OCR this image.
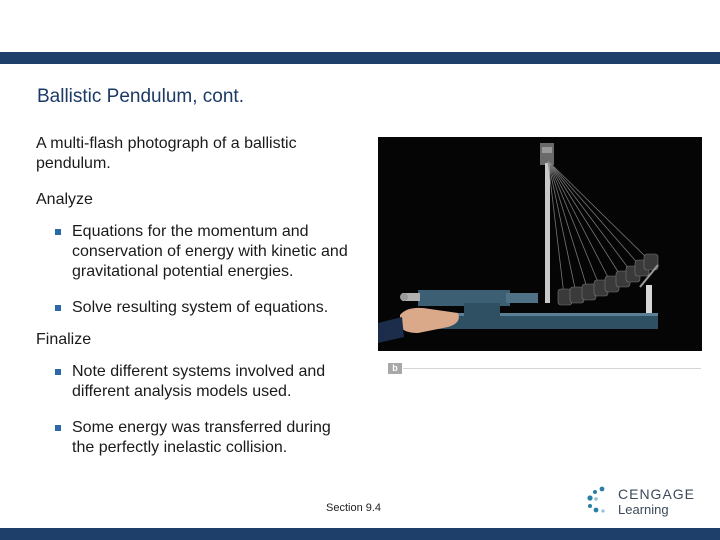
Ballistic Pendulum, cont.
A multi-flash photograph of a ballistic pendulum.
Analyze
Equations for the momentum and conservation of energy with kinetic and gravitational potential energies.
Solve resulting system of equations.
Finalize
Note different systems involved and different analysis models used.
Some energy was transferred during the perfectly inelastic collision.
b
Section 9.4
CENGAGE
Learning
